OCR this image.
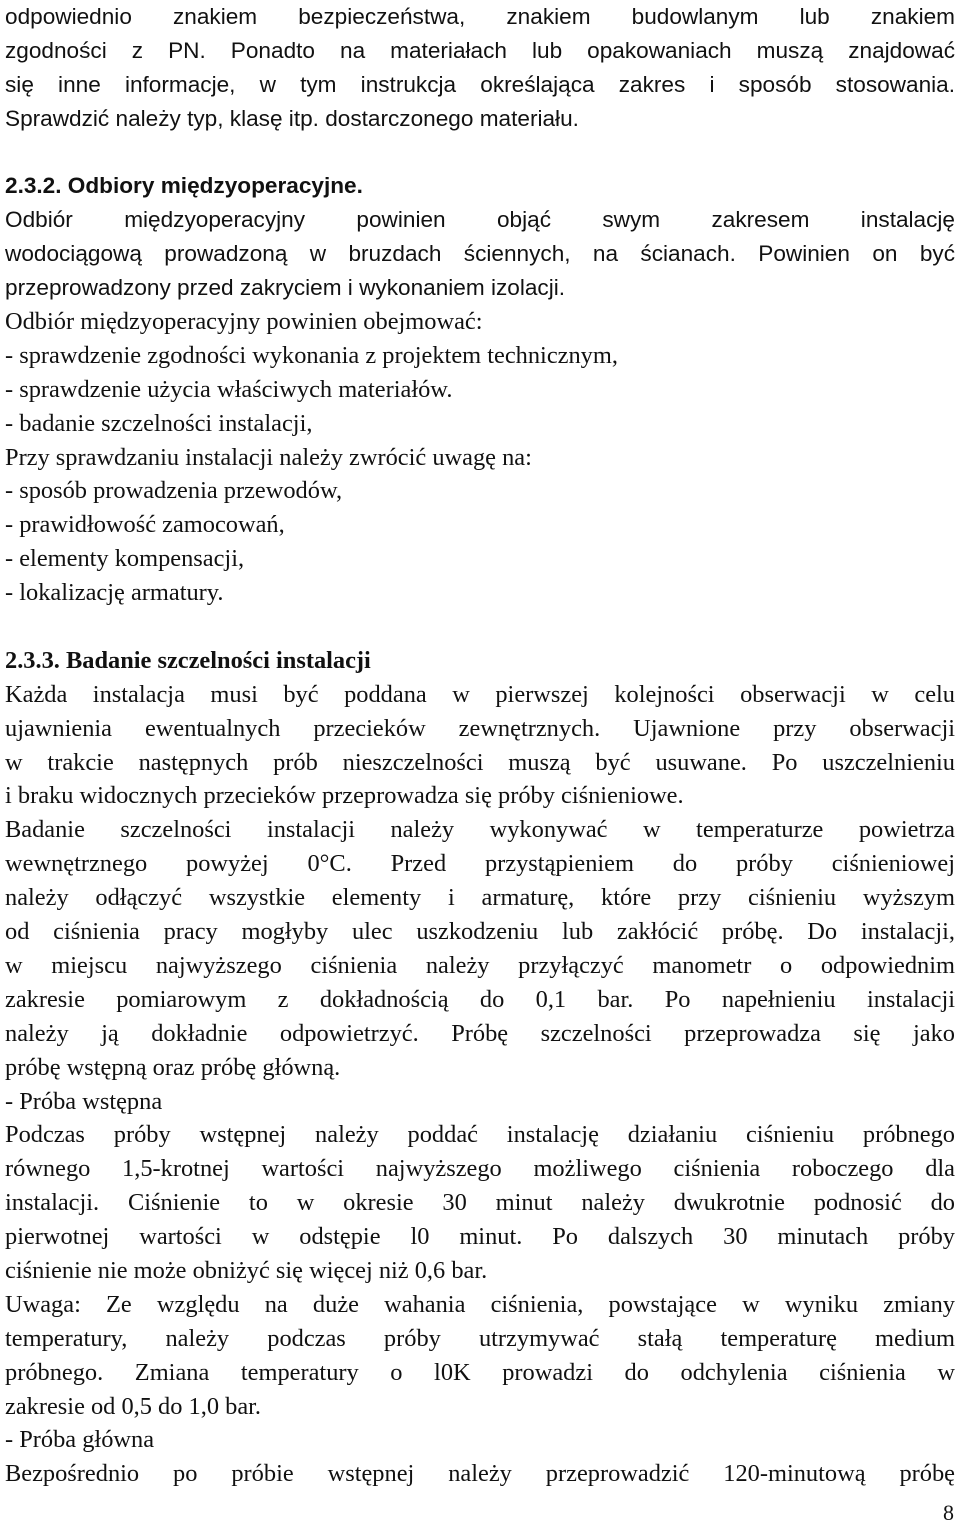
odpowiednio znakiem bezpieczeństwa, znakiem budowlanym lub znakiem
zgodności z PN. Ponadto na materiałach lub opakowaniach muszą znajdować
się inne informacje, w tym instrukcja określająca zakres i sposób stosowania.
Sprawdzić należy typ, klasę itp. dostarczonego materiału.
2.3.2. Odbiory międzyoperacyjne.
Odbiór międzyoperacyjny powinien objąć swym zakresem instalację
wodociągową prowadzoną w bruzdach ściennych, na ścianach. Powinien on być
przeprowadzony przed zakryciem i wykonaniem izolacji.
Odbiór międzyoperacyjny powinien obejmować:
- sprawdzenie zgodności wykonania z projektem technicznym,
- sprawdzenie użycia właściwych materiałów.
- badanie szczelności instalacji,
Przy sprawdzaniu instalacji należy zwrócić uwagę na:
- sposób prowadzenia przewodów,
- prawidłowość zamocowań,
- elementy kompensacji,
- lokalizację armatury.
2.3.3. Badanie szczelności instalacji
Każda instalacja musi być poddana w pierwszej kolejności obserwacji w celu
ujawnienia ewentualnych przecieków zewnętrznych. Ujawnione przy obserwacji
w trakcie następnych prób nieszczelności muszą być usuwane. Po uszczelnieniu
i braku widocznych przecieków przeprowadza się próby ciśnieniowe.
Badanie szczelności instalacji należy wykonywać w temperaturze powietrza
wewnętrznego powyżej 0°C. Przed przystąpieniem do próby ciśnieniowej
należy odłączyć wszystkie elementy i armaturę, które przy ciśnieniu wyższym
od ciśnienia pracy mogłyby ulec uszkodzeniu lub zakłócić próbę. Do instalacji,
w miejscu najwyższego ciśnienia należy przyłączyć manometr o odpowiednim
zakresie pomiarowym z dokładnością do 0,1 bar. Po napełnieniu instalacji
należy ją dokładnie odpowietrzyć. Próbę szczelności przeprowadza się jako
próbę wstępną oraz próbę główną.
- Próba wstępna
Podczas próby wstępnej należy poddać instalację działaniu ciśnieniu próbnego
równego 1,5-krotnej wartości najwyższego możliwego ciśnienia roboczego dla
instalacji. Ciśnienie to w okresie 30 minut należy dwukrotnie podnosić do
pierwotnej wartości w odstępie l0 minut. Po dalszych 30 minutach próby
ciśnienie nie może obniżyć się więcej niż 0,6 bar.
Uwaga: Ze względu na duże wahania ciśnienia, powstające w wyniku zmiany
temperatury, należy podczas próby utrzymywać stałą temperaturę medium
próbnego. Zmiana temperatury o l0K prowadzi do odchylenia ciśnienia w
zakresie od 0,5 do 1,0 bar.
- Próba główna
Bezpośrednio po próbie wstępnej należy przeprowadzić 120-minutową próbę
8
